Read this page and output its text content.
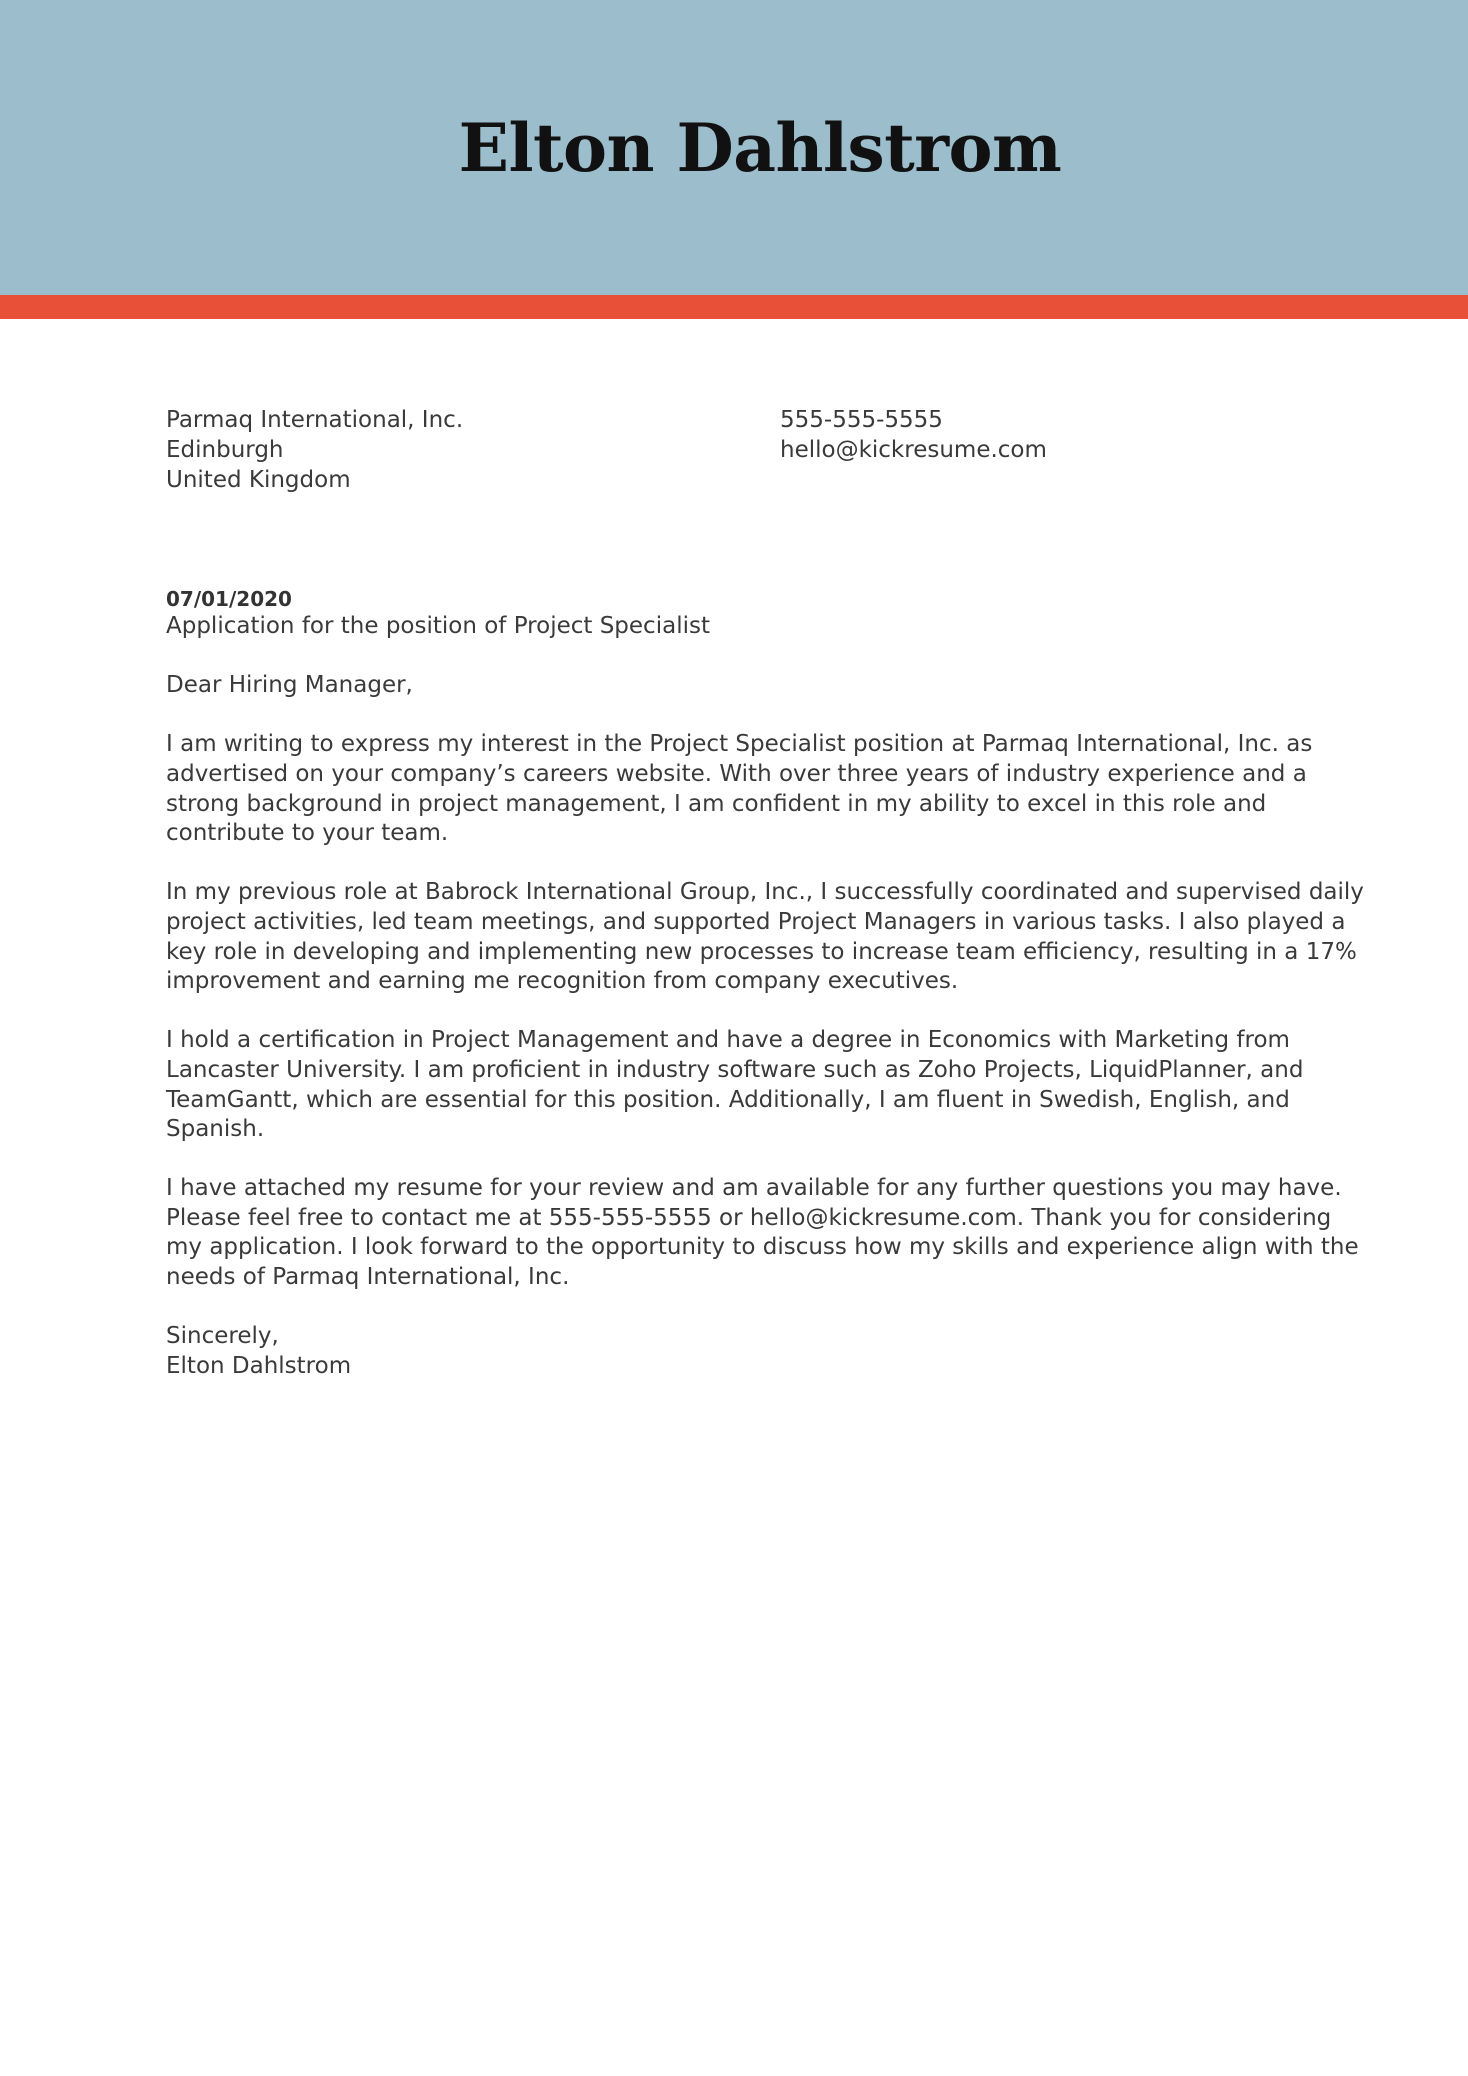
Elton Dahlstrom
Parmaq International, Inc.
Edinburgh
United Kingdom
555-555-5555
hello@kickresume.com
07/01/2020

Application for the position of Project Specialist

Dear Hiring Manager,

I am writing to express my interest in the Project Specialist position at Parmaq International, Inc. as advertised on your company’s careers website. With over three years of industry experience and a strong background in project management, I am confident in my ability to excel in this role and contribute to your team.

In my previous role at Babrock International Group, Inc., I successfully coordinated and supervised daily project activities, led team meetings, and supported Project Managers in various tasks. I also played a key role in developing and implementing new processes to increase team efficiency, resulting in a 17% improvement and earning me recognition from company executives.

I hold a certification in Project Management and have a degree in Economics with Marketing from Lancaster University. I am proficient in industry software such as Zoho Projects, LiquidPlanner, and TeamGantt, which are essential for this position. Additionally, I am fluent in Swedish, English, and Spanish.

I have attached my resume for your review and am available for any further questions you may have. Please feel free to contact me at 555-555-5555 or hello@kickresume.com. Thank you for considering my application. I look forward to the opportunity to discuss how my skills and experience align with the needs of Parmaq International, Inc.

Sincerely,
Elton Dahlstrom
